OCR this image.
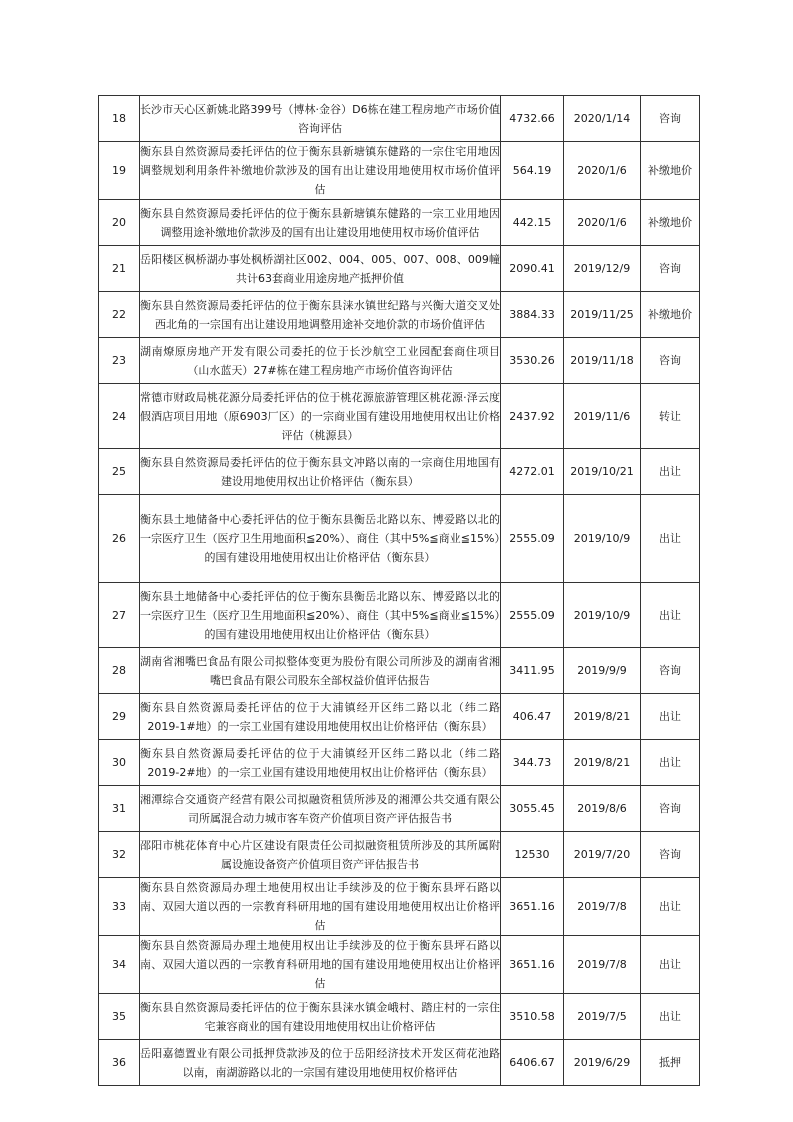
18	长沙市天心区新姚北路399号（博林·金谷）D6栋在建工程房地产市场价值咨询评估	4732.66	2020/1/14	咨询
19	衡东县自然资源局委托评估的位于衡东县新塘镇东健路的一宗住宅用地因调整规划利用条件补缴地价款涉及的国有出让建设用地使用权市场价值评估	564.19	2020/1/6	补缴地价
20	衡东县自然资源局委托评估的位于衡东县新塘镇东健路的一宗工业用地因调整用途补缴地价款涉及的国有出让建设用地使用权市场价值评估	442.15	2020/1/6	补缴地价
21	岳阳楼区枫桥湖办事处枫桥湖社区002、004、005、007、008、009幢共计63套商业用途房地产抵押价值	2090.41	2019/12/9	咨询
22	衡东县自然资源局委托评估的位于衡东县涞水镇世纪路与兴衡大道交叉处西北角的一宗国有出让建设用地调整用途补交地价款的市场价值评估	3884.33	2019/11/25	补缴地价
23	湖南燎原房地产开发有限公司委托的位于长沙航空工业园配套商住项目（山水蓝天）27#栋在建工程房地产市场价值咨询评估	3530.26	2019/11/18	咨询
24	常德市财政局桃花源分局委托评估的位于桃花源旅游管理区桃花源·泽云度假酒店项目用地（原6903厂区）的一宗商业国有建设用地使用权出让价格评估（桃源县）	2437.92	2019/11/6	转让
25	衡东县自然资源局委托评估的位于衡东县文冲路以南的一宗商住用地国有建设用地使用权出让价格评估（衡东县）	4272.01	2019/10/21	出让
26	衡东县土地储备中心委托评估的位于衡东县衡岳北路以东、博爱路以北的一宗医疗卫生（医疗卫生用地面积≦20%）、商住（其中5%≦商业≦15%）的国有建设用地使用权出让价格评估（衡东县）	2555.09	2019/10/9	出让
27	衡东县土地储备中心委托评估的位于衡东县衡岳北路以东、博爱路以北的一宗医疗卫生（医疗卫生用地面积≦20%）、商住（其中5%≦商业≦15%）的国有建设用地使用权出让价格评估（衡东县）	2555.09	2019/10/9	出让
28	湖南省湘嘴巴食品有限公司拟整体变更为股份有限公司所涉及的湖南省湘嘴巴食品有限公司股东全部权益价值评估报告	3411.95	2019/9/9	咨询
29	衡东县自然资源局委托评估的位于大浦镇经开区纬二路以北（纬二路2019-1#地）的一宗工业国有建设用地使用权出让价格评估（衡东县）	406.47	2019/8/21	出让
30	衡东县自然资源局委托评估的位于大浦镇经开区纬二路以北（纬二路2019-2#地）的一宗工业国有建设用地使用权出让价格评估（衡东县）	344.73	2019/8/21	出让
31	湘潭综合交通资产经营有限公司拟融资租赁所涉及的湘潭公共交通有限公司所属混合动力城市客车资产价值项目资产评估报告书	3055.45	2019/8/6	咨询
32	邵阳市桃花体育中心片区建设有限责任公司拟融资租赁所涉及的其所属附属设施设备资产价值项目资产评估报告书	12530	2019/7/20	咨询
33	衡东县自然资源局办理土地使用权出让手续涉及的位于衡东县坪石路以南、双园大道以西的一宗教育科研用地的国有建设用地使用权出让价格评估	3651.16	2019/7/8	出让
34	衡东县自然资源局办理土地使用权出让手续涉及的位于衡东县坪石路以南、双园大道以西的一宗教育科研用地的国有建设用地使用权出让价格评估	3651.16	2019/7/8	出让
35	衡东县自然资源局委托评估的位于衡东县涞水镇金峨村、踏庄村的一宗住宅兼容商业的国有建设用地使用权出让价格评估	3510.58	2019/7/5	出让
36	岳阳嘉德置业有限公司抵押贷款涉及的位于岳阳经济技术开发区荷花池路以南，南湖游路以北的一宗国有建设用地使用权价格评估	6406.67	2019/6/29	抵押
